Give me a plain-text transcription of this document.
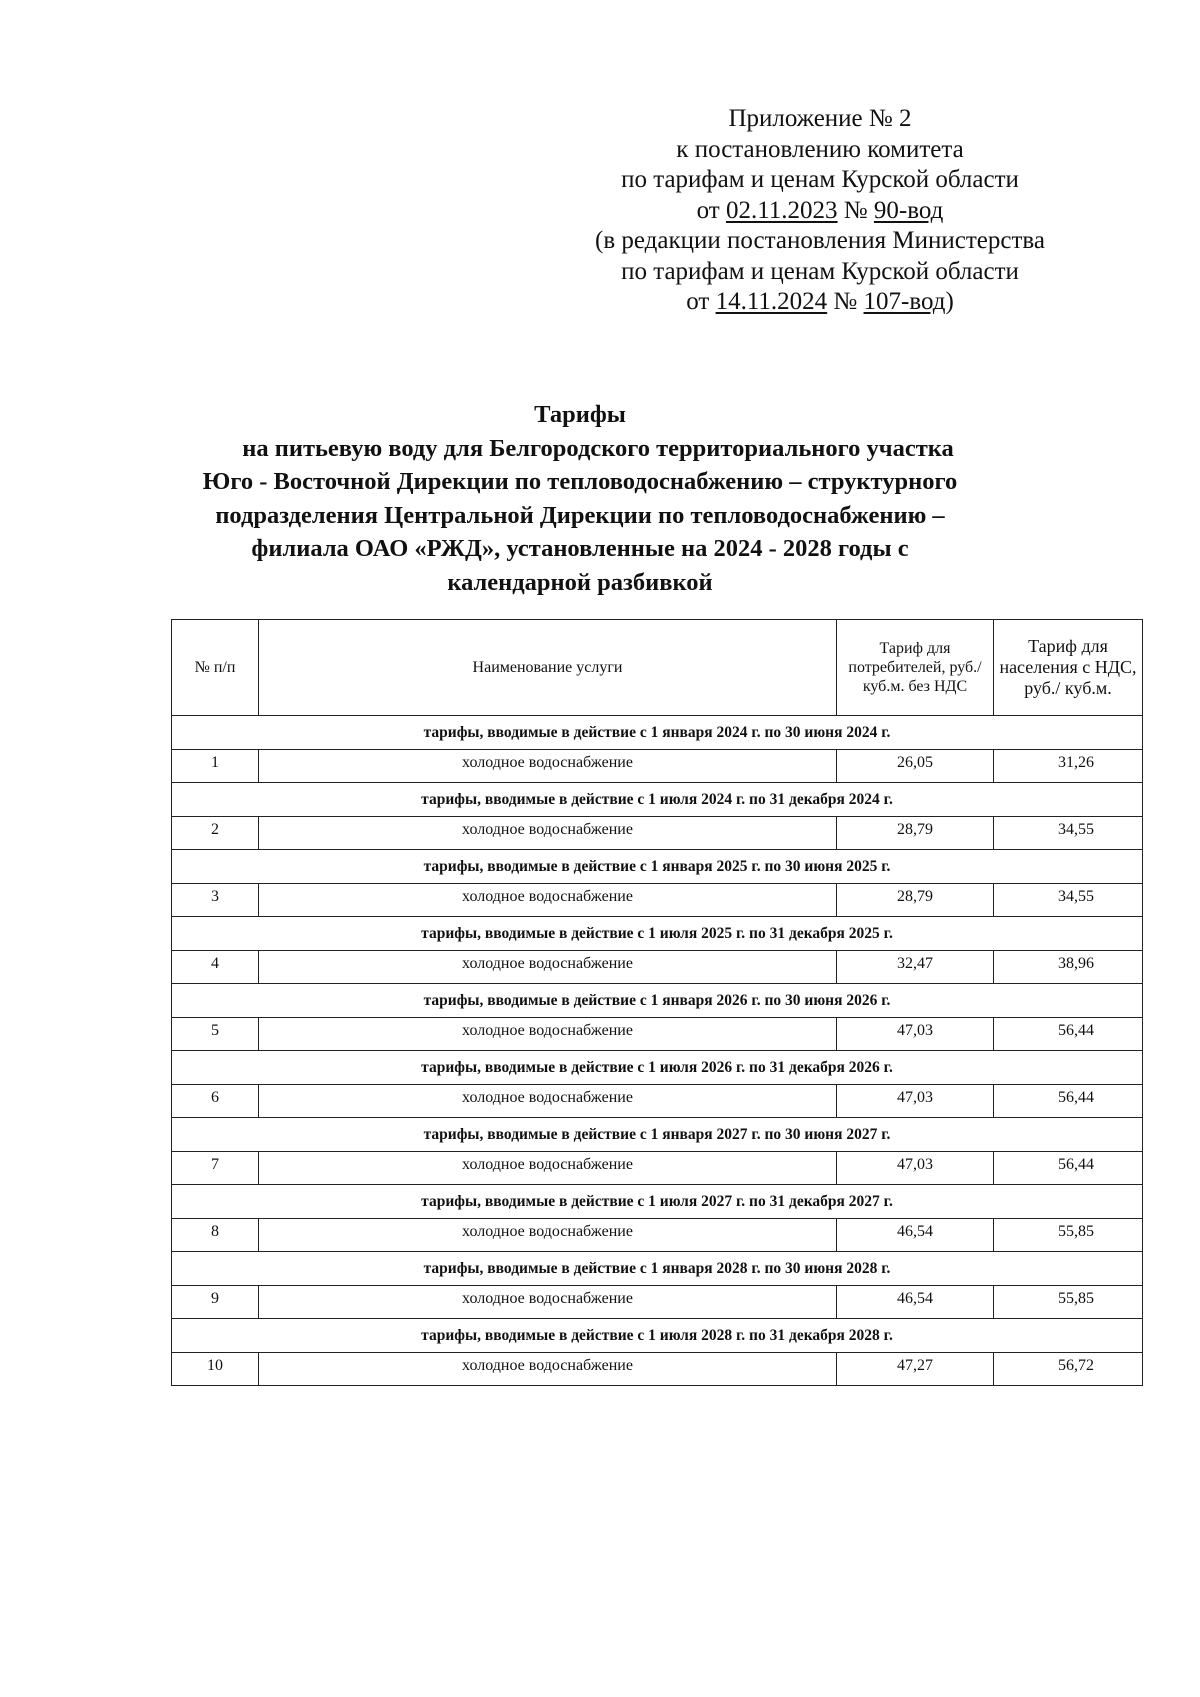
Приложение № 2
к постановлению комитета
по тарифам и ценам Курской области
от 02.11.2023 № 90-вод
(в редакции постановления Министерства
по тарифам и ценам Курской области
от 14.11.2024 № 107-вод)
Тарифы
на питьевую воду для Белгородского территориального участка
Юго - Восточной Дирекции по тепловодоснабжению – структурного
подразделения Центральной Дирекции по тепловодоснабжению –
филиала ОАО «РЖД», установленные на 2024 - 2028 годы с
календарной разбивкой
№ п/п	Наименование услуги	Тариф для потребителей, руб./ куб.м. без НДС	Тариф для населения с НДС, руб./ куб.м.
тарифы, вводимые в действие с 1 января 2024 г. по 30 июня 2024 г.			
1	холодное водоснабжение	26,05	31,26
тарифы, вводимые в действие с 1 июля 2024 г. по 31 декабря 2024 г.			
2	холодное водоснабжение	28,79	34,55
тарифы, вводимые в действие с 1 января 2025 г. по 30 июня 2025 г.			
3	холодное водоснабжение	28,79	34,55
тарифы, вводимые в действие с 1 июля 2025 г. по 31 декабря 2025 г.			
4	холодное водоснабжение	32,47	38,96
тарифы, вводимые в действие с 1 января 2026 г. по 30 июня 2026 г.			
5	холодное водоснабжение	47,03	56,44
тарифы, вводимые в действие с 1 июля 2026 г. по 31 декабря 2026 г.			
6	холодное водоснабжение	47,03	56,44
тарифы, вводимые в действие с 1 января 2027 г. по 30 июня 2027 г.			
7	холодное водоснабжение	47,03	56,44
тарифы, вводимые в действие с 1 июля 2027 г. по 31 декабря 2027 г.			
8	холодное водоснабжение	46,54	55,85
тарифы, вводимые в действие с 1 января 2028 г. по 30 июня 2028 г.			
9	холодное водоснабжение	46,54	55,85
тарифы, вводимые в действие с 1 июля 2028 г. по 31 декабря 2028 г.			
10	холодное водоснабжение	47,27	56,72
